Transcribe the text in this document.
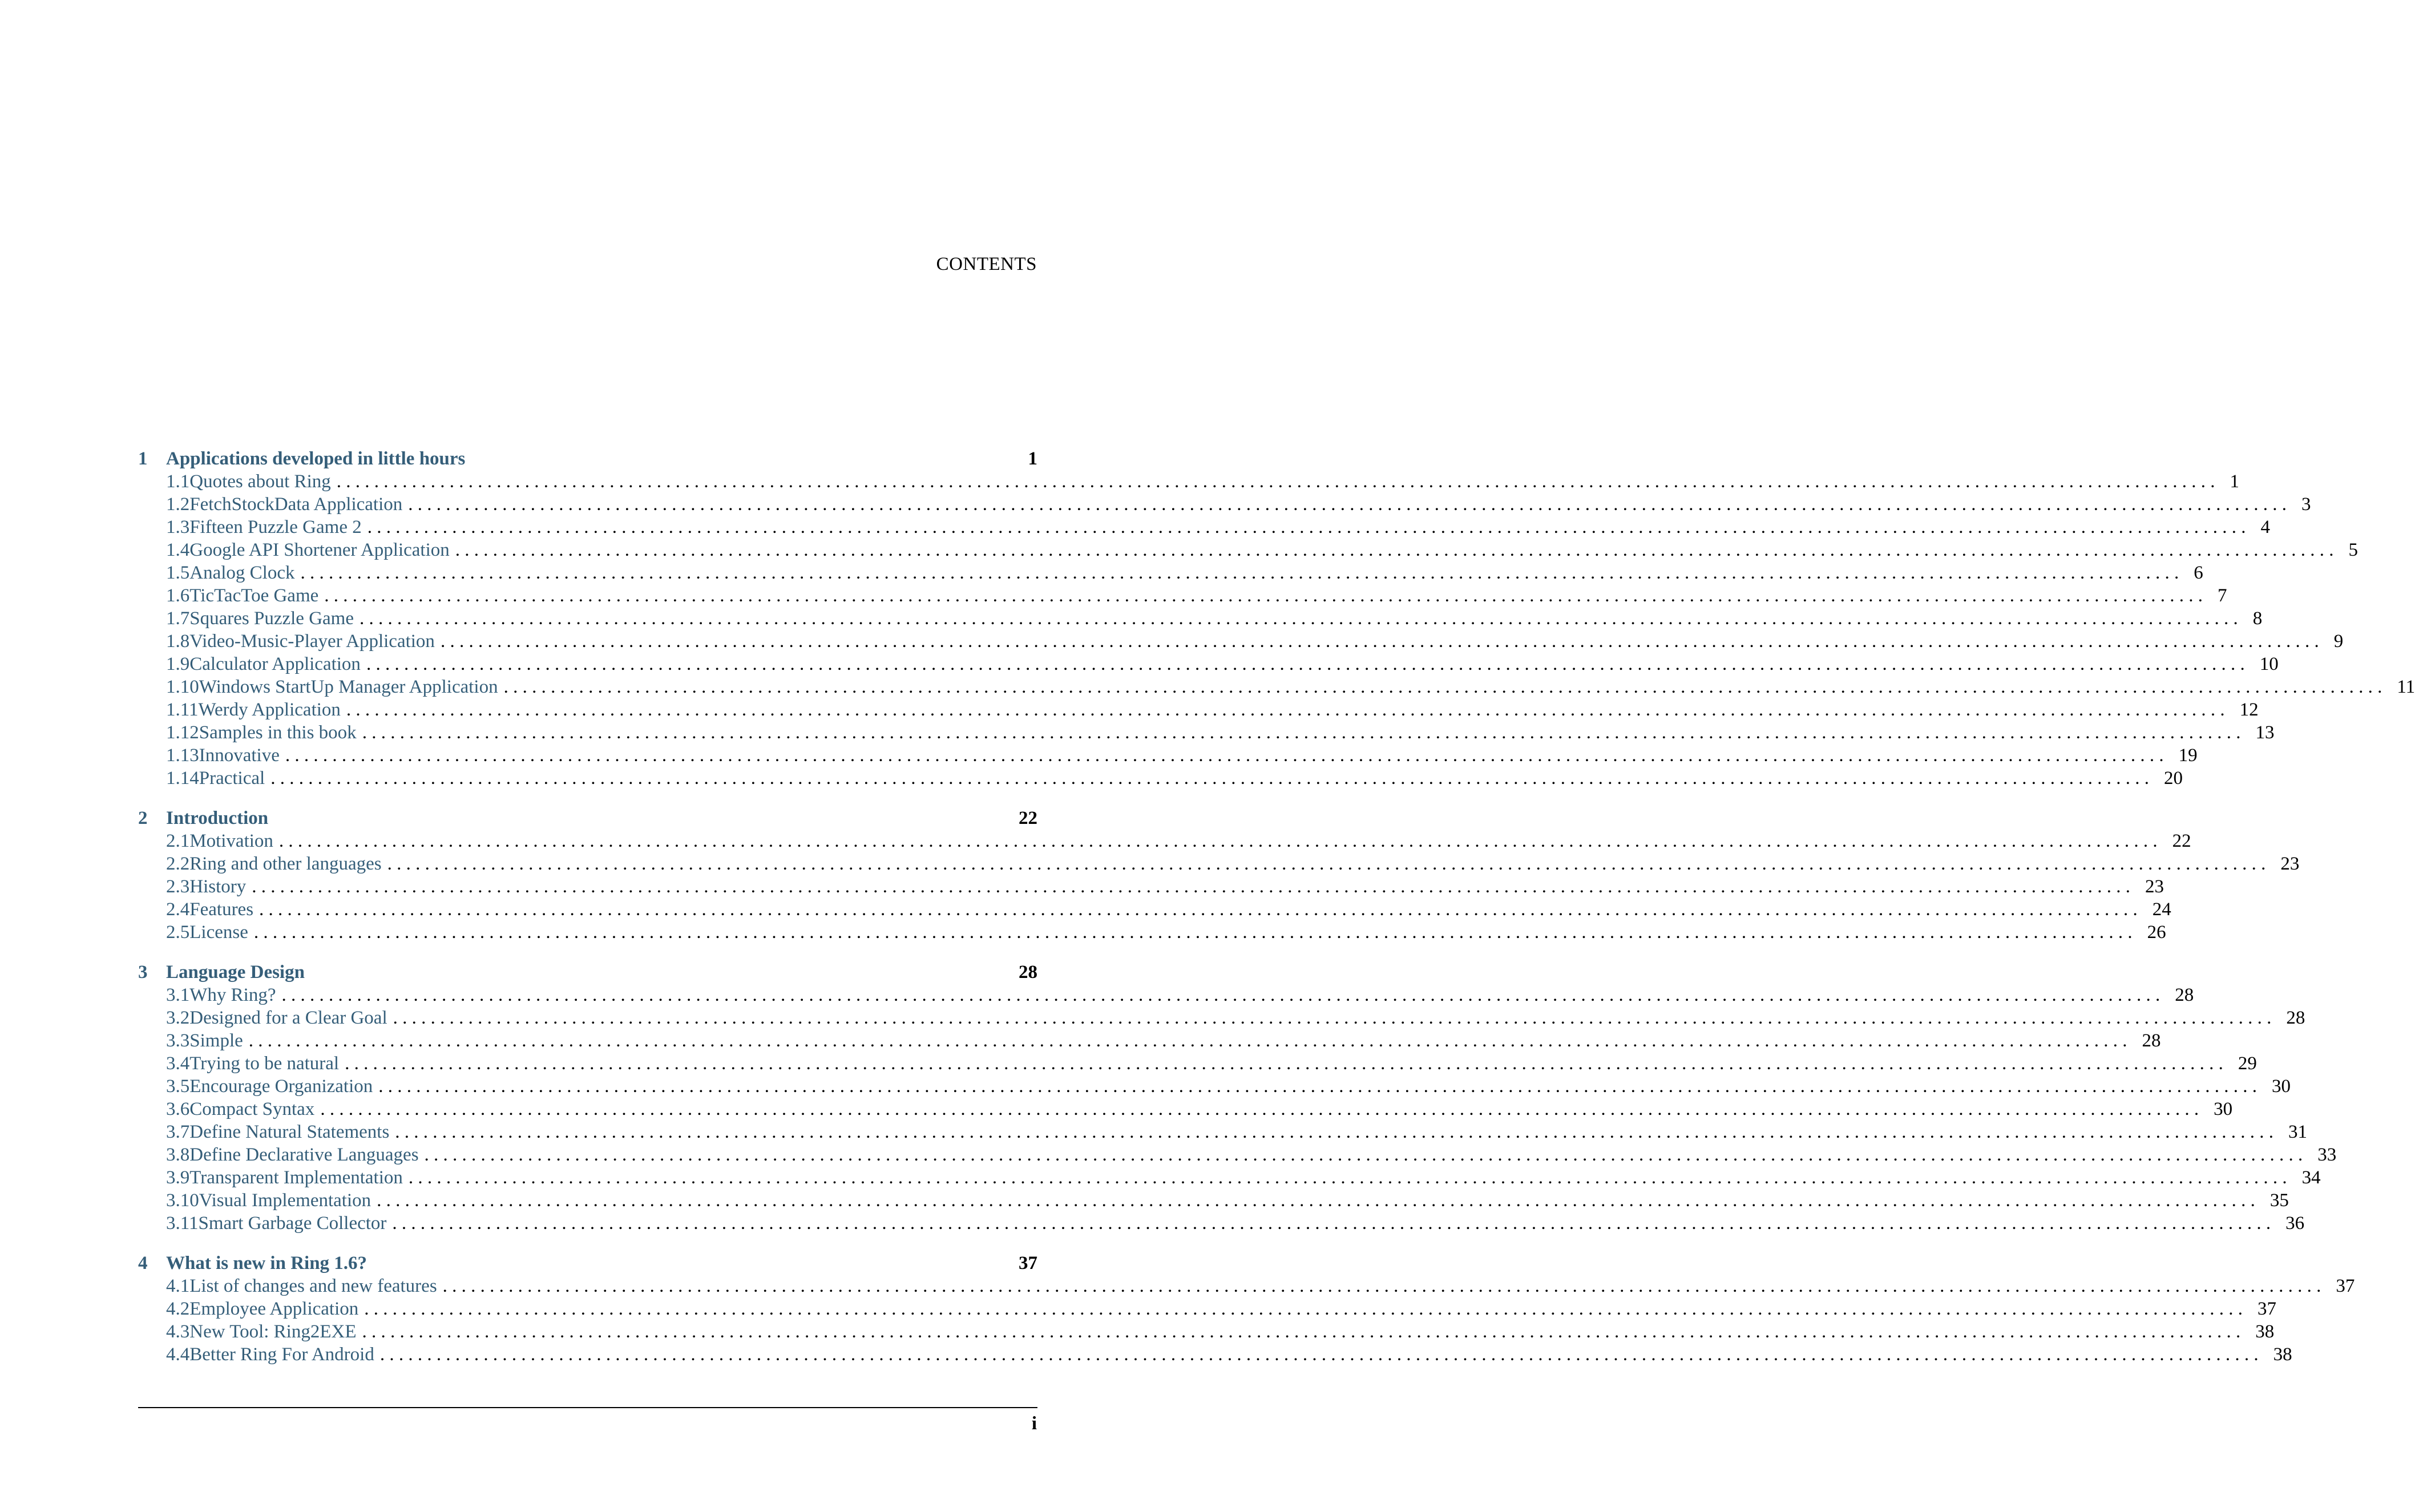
CONTENTS
1 Applications developed in little hours	1
1.1 Quotes about Ring . . . . . . . . . . . . . . . . . . . . . . . . . . . . . . . . . . . . . . . . . . . . . . . . . . . . . . . . . . . . . . . . . . . . . . . . . . . . . . . . . . . . . . . . . . . . . . . . . . . . . . . . . . . . . . . . . . . . . . . . . . . . . . . . . . . . . . . . . . . . . . . . . . . . . . . . . . . . . . . . . . . . . . . . . . . . . . . . . . . . . . . . . . . . . . . . . . . . . . . . 1
1.2 FetchStockData Application . . . . . . . . . . . . . . . . . . . . . . . . . . . . . . . . . . . . . . . . . . . . . . . . . . . . . . . . . . . . . . . . . . . . . . . . . . . . . . . . . . . . . . . . . . . . . . . . . . . . . . . . . . . . . . . . . . . . . . . . . . . . . . . . . . . . . . . . . . . . . . . . . . . . . . . . . . . . . . . . . . . . . . . . . . . . . . . . . . . . . . . . . . . . . . . . . . . . . . . . 3
1.3 Fifteen Puzzle Game 2 . . . . . . . . . . . . . . . . . . . . . . . . . . . . . . . . . . . . . . . . . . . . . . . . . . . . . . . . . . . . . . . . . . . . . . . . . . . . . . . . . . . . . . . . . . . . . . . . . . . . . . . . . . . . . . . . . . . . . . . . . . . . . . . . . . . . . . . . . . . . . . . . . . . . . . . . . . . . . . . . . . . . . . . . . . . . . . . . . . . . . . . . . . . . . . . . . . . . . . . . 4
1.4 Google API Shortener Application . . . . . . . . . . . . . . . . . . . . . . . . . . . . . . . . . . . . . . . . . . . . . . . . . . . . . . . . . . . . . . . . . . . . . . . . . . . . . . . . . . . . . . . . . . . . . . . . . . . . . . . . . . . . . . . . . . . . . . . . . . . . . . . . . . . . . . . . . . . . . . . . . . . . . . . . . . . . . . . . . . . . . . . . . . . . . . . . . . . . . . . . . . . . . . . . . . . . . . . . 5
1.5 Analog Clock . . . . . . . . . . . . . . . . . . . . . . . . . . . . . . . . . . . . . . . . . . . . . . . . . . . . . . . . . . . . . . . . . . . . . . . . . . . . . . . . . . . . . . . . . . . . . . . . . . . . . . . . . . . . . . . . . . . . . . . . . . . . . . . . . . . . . . . . . . . . . . . . . . . . . . . . . . . . . . . . . . . . . . . . . . . . . . . . . . . . . . . . . . . . . . . . . . . . . . . . 6
1.6 TicTacToe Game . . . . . . . . . . . . . . . . . . . . . . . . . . . . . . . . . . . . . . . . . . . . . . . . . . . . . . . . . . . . . . . . . . . . . . . . . . . . . . . . . . . . . . . . . . . . . . . . . . . . . . . . . . . . . . . . . . . . . . . . . . . . . . . . . . . . . . . . . . . . . . . . . . . . . . . . . . . . . . . . . . . . . . . . . . . . . . . . . . . . . . . . . . . . . . . . . . . . . . . . 7
1.7 Squares Puzzle Game . . . . . . . . . . . . . . . . . . . . . . . . . . . . . . . . . . . . . . . . . . . . . . . . . . . . . . . . . . . . . . . . . . . . . . . . . . . . . . . . . . . . . . . . . . . . . . . . . . . . . . . . . . . . . . . . . . . . . . . . . . . . . . . . . . . . . . . . . . . . . . . . . . . . . . . . . . . . . . . . . . . . . . . . . . . . . . . . . . . . . . . . . . . . . . . . . . . . . . . . 8
1.8 Video-Music-Player Application . . . . . . . . . . . . . . . . . . . . . . . . . . . . . . . . . . . . . . . . . . . . . . . . . . . . . . . . . . . . . . . . . . . . . . . . . . . . . . . . . . . . . . . . . . . . . . . . . . . . . . . . . . . . . . . . . . . . . . . . . . . . . . . . . . . . . . . . . . . . . . . . . . . . . . . . . . . . . . . . . . . . . . . . . . . . . . . . . . . . . . . . . . . . . . . . . . . . . . . . 9
1.9 Calculator Application . . . . . . . . . . . . . . . . . . . . . . . . . . . . . . . . . . . . . . . . . . . . . . . . . . . . . . . . . . . . . . . . . . . . . . . . . . . . . . . . . . . . . . . . . . . . . . . . . . . . . . . . . . . . . . . . . . . . . . . . . . . . . . . . . . . . . . . . . . . . . . . . . . . . . . . . . . . . . . . . . . . . . . . . . . . . . . . . . . . . . . . . . . . . . . . . . . . . . . . . 10
1.10 Windows StartUp Manager Application . . . . . . . . . . . . . . . . . . . . . . . . . . . . . . . . . . . . . . . . . . . . . . . . . . . . . . . . . . . . . . . . . . . . . . . . . . . . . . . . . . . . . . . . . . . . . . . . . . . . . . . . . . . . . . . . . . . . . . . . . . . . . . . . . . . . . . . . . . . . . . . . . . . . . . . . . . . . . . . . . . . . . . . . . . . . . . . . . . . . . . . . . . . . . . . . . . . . . . . . 11
1.11 Werdy Application . . . . . . . . . . . . . . . . . . . . . . . . . . . . . . . . . . . . . . . . . . . . . . . . . . . . . . . . . . . . . . . . . . . . . . . . . . . . . . . . . . . . . . . . . . . . . . . . . . . . . . . . . . . . . . . . . . . . . . . . . . . . . . . . . . . . . . . . . . . . . . . . . . . . . . . . . . . . . . . . . . . . . . . . . . . . . . . . . . . . . . . . . . . . . . . . . . . . . . . . 12
1.12 Samples in this book . . . . . . . . . . . . . . . . . . . . . . . . . . . . . . . . . . . . . . . . . . . . . . . . . . . . . . . . . . . . . . . . . . . . . . . . . . . . . . . . . . . . . . . . . . . . . . . . . . . . . . . . . . . . . . . . . . . . . . . . . . . . . . . . . . . . . . . . . . . . . . . . . . . . . . . . . . . . . . . . . . . . . . . . . . . . . . . . . . . . . . . . . . . . . . . . . . . . . . . . 13
1.13 Innovative . . . . . . . . . . . . . . . . . . . . . . . . . . . . . . . . . . . . . . . . . . . . . . . . . . . . . . . . . . . . . . . . . . . . . . . . . . . . . . . . . . . . . . . . . . . . . . . . . . . . . . . . . . . . . . . . . . . . . . . . . . . . . . . . . . . . . . . . . . . . . . . . . . . . . . . . . . . . . . . . . . . . . . . . . . . . . . . . . . . . . . . . . . . . . . . . . . . . . . . . 19
1.14 Practical . . . . . . . . . . . . . . . . . . . . . . . . . . . . . . . . . . . . . . . . . . . . . . . . . . . . . . . . . . . . . . . . . . . . . . . . . . . . . . . . . . . . . . . . . . . . . . . . . . . . . . . . . . . . . . . . . . . . . . . . . . . . . . . . . . . . . . . . . . . . . . . . . . . . . . . . . . . . . . . . . . . . . . . . . . . . . . . . . . . . . . . . . . . . . . . . . . . . . . . . 20
2 Introduction	22
2.1 Motivation . . . . . . . . . . . . . . . . . . . . . . . . . . . . . . . . . . . . . . . . . . . . . . . . . . . . . . . . . . . . . . . . . . . . . . . . . . . . . . . . . . . . . . . . . . . . . . . . . . . . . . . . . . . . . . . . . . . . . . . . . . . . . . . . . . . . . . . . . . . . . . . . . . . . . . . . . . . . . . . . . . . . . . . . . . . . . . . . . . . . . . . . . . . . . . . . . . . . . . . . 22
2.2 Ring and other languages . . . . . . . . . . . . . . . . . . . . . . . . . . . . . . . . . . . . . . . . . . . . . . . . . . . . . . . . . . . . . . . . . . . . . . . . . . . . . . . . . . . . . . . . . . . . . . . . . . . . . . . . . . . . . . . . . . . . . . . . . . . . . . . . . . . . . . . . . . . . . . . . . . . . . . . . . . . . . . . . . . . . . . . . . . . . . . . . . . . . . . . . . . . . . . . . . . . . . . . . 23
2.3 History . . . . . . . . . . . . . . . . . . . . . . . . . . . . . . . . . . . . . . . . . . . . . . . . . . . . . . . . . . . . . . . . . . . . . . . . . . . . . . . . . . . . . . . . . . . . . . . . . . . . . . . . . . . . . . . . . . . . . . . . . . . . . . . . . . . . . . . . . . . . . . . . . . . . . . . . . . . . . . . . . . . . . . . . . . . . . . . . . . . . . . . . . . . . . . . . . . . . . . . . 23
2.4 Features . . . . . . . . . . . . . . . . . . . . . . . . . . . . . . . . . . . . . . . . . . . . . . . . . . . . . . . . . . . . . . . . . . . . . . . . . . . . . . . . . . . . . . . . . . . . . . . . . . . . . . . . . . . . . . . . . . . . . . . . . . . . . . . . . . . . . . . . . . . . . . . . . . . . . . . . . . . . . . . . . . . . . . . . . . . . . . . . . . . . . . . . . . . . . . . . . . . . . . . . 24
2.5 License . . . . . . . . . . . . . . . . . . . . . . . . . . . . . . . . . . . . . . . . . . . . . . . . . . . . . . . . . . . . . . . . . . . . . . . . . . . . . . . . . . . . . . . . . . . . . . . . . . . . . . . . . . . . . . . . . . . . . . . . . . . . . . . . . . . . . . . . . . . . . . . . . . . . . . . . . . . . . . . . . . . . . . . . . . . . . . . . . . . . . . . . . . . . . . . . . . . . . . . . 26
3 Language Design	28
3.1 Why Ring? . . . . . . . . . . . . . . . . . . . . . . . . . . . . . . . . . . . . . . . . . . . . . . . . . . . . . . . . . . . . . . . . . . . . . . . . . . . . . . . . . . . . . . . . . . . . . . . . . . . . . . . . . . . . . . . . . . . . . . . . . . . . . . . . . . . . . . . . . . . . . . . . . . . . . . . . . . . . . . . . . . . . . . . . . . . . . . . . . . . . . . . . . . . . . . . . . . . . . . . . 28
3.2 Designed for a Clear Goal . . . . . . . . . . . . . . . . . . . . . . . . . . . . . . . . . . . . . . . . . . . . . . . . . . . . . . . . . . . . . . . . . . . . . . . . . . . . . . . . . . . . . . . . . . . . . . . . . . . . . . . . . . . . . . . . . . . . . . . . . . . . . . . . . . . . . . . . . . . . . . . . . . . . . . . . . . . . . . . . . . . . . . . . . . . . . . . . . . . . . . . . . . . . . . . . . . . . . . . . 28
3.3 Simple . . . . . . . . . . . . . . . . . . . . . . . . . . . . . . . . . . . . . . . . . . . . . . . . . . . . . . . . . . . . . . . . . . . . . . . . . . . . . . . . . . . . . . . . . . . . . . . . . . . . . . . . . . . . . . . . . . . . . . . . . . . . . . . . . . . . . . . . . . . . . . . . . . . . . . . . . . . . . . . . . . . . . . . . . . . . . . . . . . . . . . . . . . . . . . . . . . . . . . . . 28
3.4 Trying to be natural . . . . . . . . . . . . . . . . . . . . . . . . . . . . . . . . . . . . . . . . . . . . . . . . . . . . . . . . . . . . . . . . . . . . . . . . . . . . . . . . . . . . . . . . . . . . . . . . . . . . . . . . . . . . . . . . . . . . . . . . . . . . . . . . . . . . . . . . . . . . . . . . . . . . . . . . . . . . . . . . . . . . . . . . . . . . . . . . . . . . . . . . . . . . . . . . . . . . . . . . 29
3.5 Encourage Organization . . . . . . . . . . . . . . . . . . . . . . . . . . . . . . . . . . . . . . . . . . . . . . . . . . . . . . . . . . . . . . . . . . . . . . . . . . . . . . . . . . . . . . . . . . . . . . . . . . . . . . . . . . . . . . . . . . . . . . . . . . . . . . . . . . . . . . . . . . . . . . . . . . . . . . . . . . . . . . . . . . . . . . . . . . . . . . . . . . . . . . . . . . . . . . . . . . . . . . . . 30
3.6 Compact Syntax . . . . . . . . . . . . . . . . . . . . . . . . . . . . . . . . . . . . . . . . . . . . . . . . . . . . . . . . . . . . . . . . . . . . . . . . . . . . . . . . . . . . . . . . . . . . . . . . . . . . . . . . . . . . . . . . . . . . . . . . . . . . . . . . . . . . . . . . . . . . . . . . . . . . . . . . . . . . . . . . . . . . . . . . . . . . . . . . . . . . . . . . . . . . . . . . . . . . . . . . 30
3.7 Define Natural Statements . . . . . . . . . . . . . . . . . . . . . . . . . . . . . . . . . . . . . . . . . . . . . . . . . . . . . . . . . . . . . . . . . . . . . . . . . . . . . . . . . . . . . . . . . . . . . . . . . . . . . . . . . . . . . . . . . . . . . . . . . . . . . . . . . . . . . . . . . . . . . . . . . . . . . . . . . . . . . . . . . . . . . . . . . . . . . . . . . . . . . . . . . . . . . . . . . . . . . . . . 31
3.8 Define Declarative Languages . . . . . . . . . . . . . . . . . . . . . . . . . . . . . . . . . . . . . . . . . . . . . . . . . . . . . . . . . . . . . . . . . . . . . . . . . . . . . . . . . . . . . . . . . . . . . . . . . . . . . . . . . . . . . . . . . . . . . . . . . . . . . . . . . . . . . . . . . . . . . . . . . . . . . . . . . . . . . . . . . . . . . . . . . . . . . . . . . . . . . . . . . . . . . . . . . . . . . . . . 33
3.9 Transparent Implementation . . . . . . . . . . . . . . . . . . . . . . . . . . . . . . . . . . . . . . . . . . . . . . . . . . . . . . . . . . . . . . . . . . . . . . . . . . . . . . . . . . . . . . . . . . . . . . . . . . . . . . . . . . . . . . . . . . . . . . . . . . . . . . . . . . . . . . . . . . . . . . . . . . . . . . . . . . . . . . . . . . . . . . . . . . . . . . . . . . . . . . . . . . . . . . . . . . . . . . . . 34
3.10 Visual Implementation . . . . . . . . . . . . . . . . . . . . . . . . . . . . . . . . . . . . . . . . . . . . . . . . . . . . . . . . . . . . . . . . . . . . . . . . . . . . . . . . . . . . . . . . . . . . . . . . . . . . . . . . . . . . . . . . . . . . . . . . . . . . . . . . . . . . . . . . . . . . . . . . . . . . . . . . . . . . . . . . . . . . . . . . . . . . . . . . . . . . . . . . . . . . . . . . . . . . . . . . 35
3.11 Smart Garbage Collector . . . . . . . . . . . . . . . . . . . . . . . . . . . . . . . . . . . . . . . . . . . . . . . . . . . . . . . . . . . . . . . . . . . . . . . . . . . . . . . . . . . . . . . . . . . . . . . . . . . . . . . . . . . . . . . . . . . . . . . . . . . . . . . . . . . . . . . . . . . . . . . . . . . . . . . . . . . . . . . . . . . . . . . . . . . . . . . . . . . . . . . . . . . . . . . . . . . . . . . . 36
4 What is new in Ring 1.6?	37
4.1 List of changes and new features . . . . . . . . . . . . . . . . . . . . . . . . . . . . . . . . . . . . . . . . . . . . . . . . . . . . . . . . . . . . . . . . . . . . . . . . . . . . . . . . . . . . . . . . . . . . . . . . . . . . . . . . . . . . . . . . . . . . . . . . . . . . . . . . . . . . . . . . . . . . . . . . . . . . . . . . . . . . . . . . . . . . . . . . . . . . . . . . . . . . . . . . . . . . . . . . . . . . . . . . 37
4.2 Employee Application . . . . . . . . . . . . . . . . . . . . . . . . . . . . . . . . . . . . . . . . . . . . . . . . . . . . . . . . . . . . . . . . . . . . . . . . . . . . . . . . . . . . . . . . . . . . . . . . . . . . . . . . . . . . . . . . . . . . . . . . . . . . . . . . . . . . . . . . . . . . . . . . . . . . . . . . . . . . . . . . . . . . . . . . . . . . . . . . . . . . . . . . . . . . . . . . . . . . . . . . 37
4.3 New Tool: Ring2EXE . . . . . . . . . . . . . . . . . . . . . . . . . . . . . . . . . . . . . . . . . . . . . . . . . . . . . . . . . . . . . . . . . . . . . . . . . . . . . . . . . . . . . . . . . . . . . . . . . . . . . . . . . . . . . . . . . . . . . . . . . . . . . . . . . . . . . . . . . . . . . . . . . . . . . . . . . . . . . . . . . . . . . . . . . . . . . . . . . . . . . . . . . . . . . . . . . . . . . . . . 38
4.4 Better Ring For Android . . . . . . . . . . . . . . . . . . . . . . . . . . . . . . . . . . . . . . . . . . . . . . . . . . . . . . . . . . . . . . . . . . . . . . . . . . . . . . . . . . . . . . . . . . . . . . . . . . . . . . . . . . . . . . . . . . . . . . . . . . . . . . . . . . . . . . . . . . . . . . . . . . . . . . . . . . . . . . . . . . . . . . . . . . . . . . . . . . . . . . . . . . . . . . . . . . . . . . . . 38
i
